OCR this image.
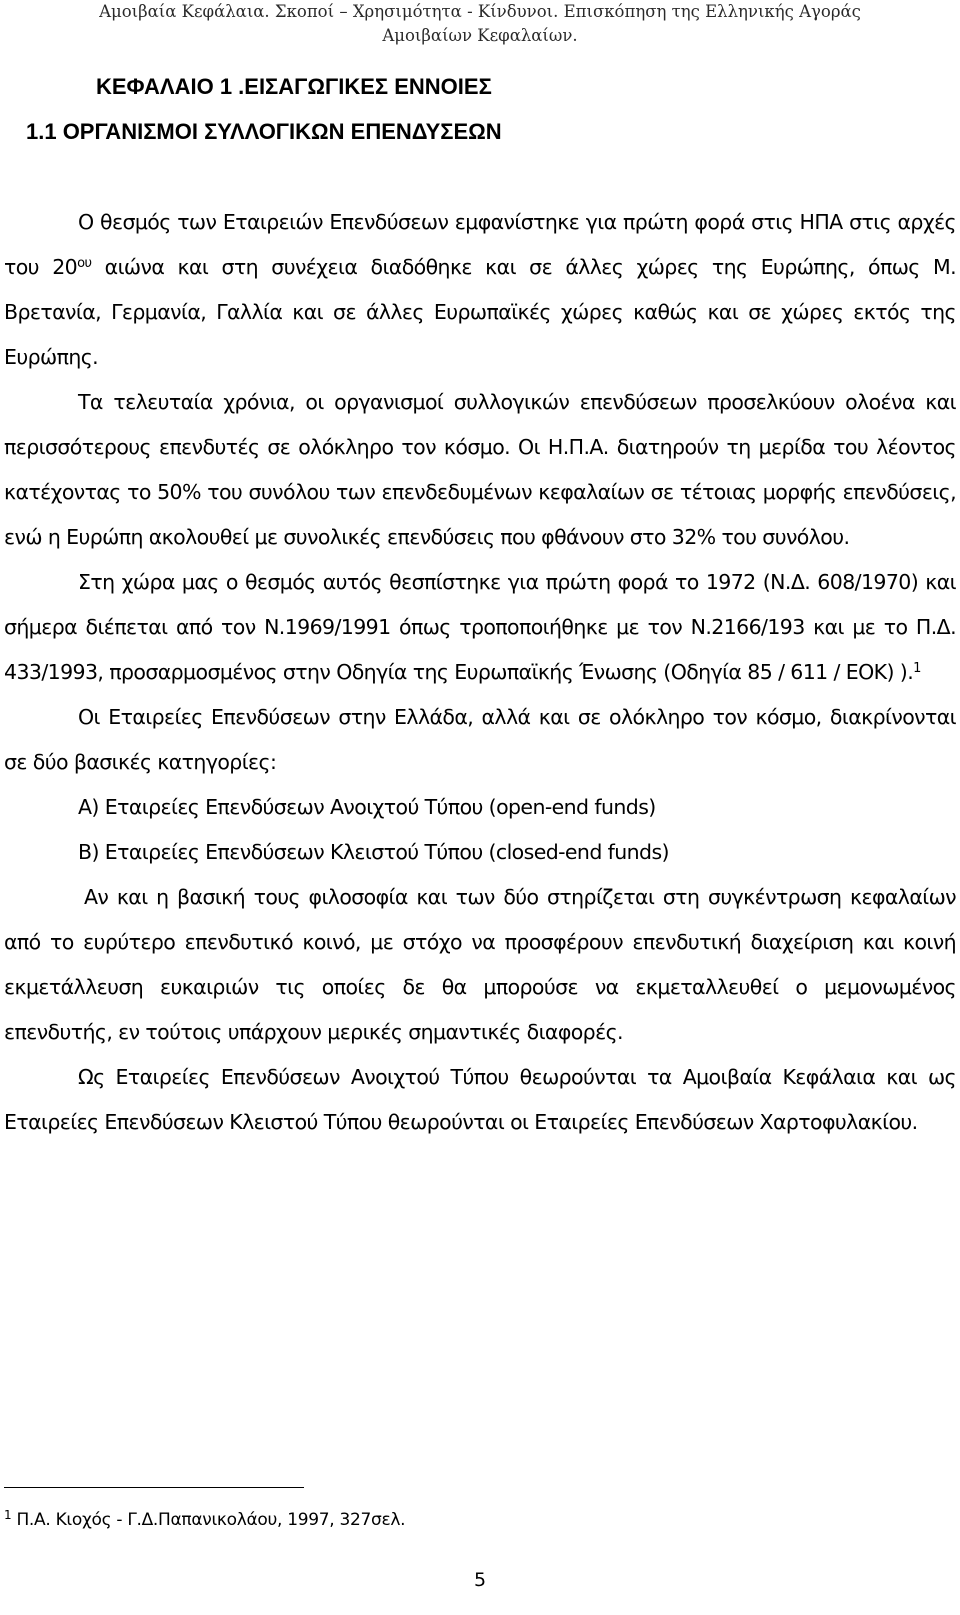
Αμοιβαία Κεφάλαια. Σκοποί – Χρησιμότητα - Κίνδυνοι. Επισκόπηση της Ελληνικής Αγοράς
Αμοιβαίων Κεφαλαίων.
ΚΕΦΑΛΑΙΟ 1 .ΕΙΣΑΓΩΓΙΚΕΣ ΕΝΝΟΙΕΣ
1.1 ΟΡΓΑΝΙΣΜΟΙ ΣΥΛΛΟΓΙΚΩΝ ΕΠΕΝΔΥΣΕΩΝ

Ο θεσμός των Εταιρειών Επενδύσεων εμφανίστηκε για πρώτη φορά στις ΗΠΑ στις αρχές του 20$^{o\upsilon}$ αιώνα και στη συνέχεια διαδόθηκε και σε άλλες χώρες της Ευρώπης, όπως Μ. Βρετανία, Γερμανία, Γαλλία και σε άλλες Ευρωπαϊκές χώρες καθώς και σε χώρες εκτός της Ευρώπης.

Τα τελευταία χρόνια, οι οργανισμοί συλλογικών επενδύσεων προσελκύουν ολοένα και περισσότερους επενδυτές σε ολόκληρο τον κόσμο. Οι Η.Π.Α. διατηρούν τη μερίδα του λέοντος κατέχοντας το 50% του συνόλου των επενδεδυμένων κεφαλαίων σε τέτοιας μορφής επενδύσεις, ενώ η Ευρώπη ακολουθεί με συνολικές επενδύσεις που φθάνουν στο 32% του συνόλου.

Στη χώρα μας ο θεσμός αυτός θεσπίστηκε για πρώτη φορά το 1972 (Ν.Δ. 608/1970) και σήμερα διέπεται από τον Ν.1969/1991 όπως τροποποιήθηκε με τον Ν.2166/193 και με το Π.Δ. 433/1993, προσαρμοσμένος στην Οδηγία της Ευρωπαϊκής Ένωσης (Οδηγία 85 / 611 / ΕΟΚ) ).$^1$

Οι Εταιρείες Επενδύσεων στην Ελλάδα, αλλά και σε ολόκληρο τον κόσμο, διακρίνονται σε δύο βασικές κατηγορίες:

Α) Εταιρείες Επενδύσεων Ανοιχτού Τύπου (open-end funds)

Β) Εταιρείες Επενδύσεων Κλειστού Τύπου (closed-end funds)

Αν και η βασική τους φιλοσοφία και των δύο στηρίζεται στη συγκέντρωση κεφαλαίων από το ευρύτερο επενδυτικό κοινό, με στόχο να προσφέρουν επενδυτική διαχείριση και κοινή εκμετάλλευση ευκαιριών τις οποίες δε θα μπορούσε να εκμεταλλευθεί ο μεμονωμένος επενδυτής, εν τούτοις υπάρχουν μερικές σημαντικές διαφορές.

Ως Εταιρείες Επενδύσεων Ανοιχτού Τύπου θεωρούνται τα Αμοιβαία Κεφάλαια και ως Εταιρείες Επενδύσεων Κλειστού Τύπου θεωρούνται οι Εταιρείες Επενδύσεων Χαρτοφυλακίου.

$^1$ Π.Α. Κιοχός - Γ.Δ.Παπανικολάου, 1997, 327σελ.
5
